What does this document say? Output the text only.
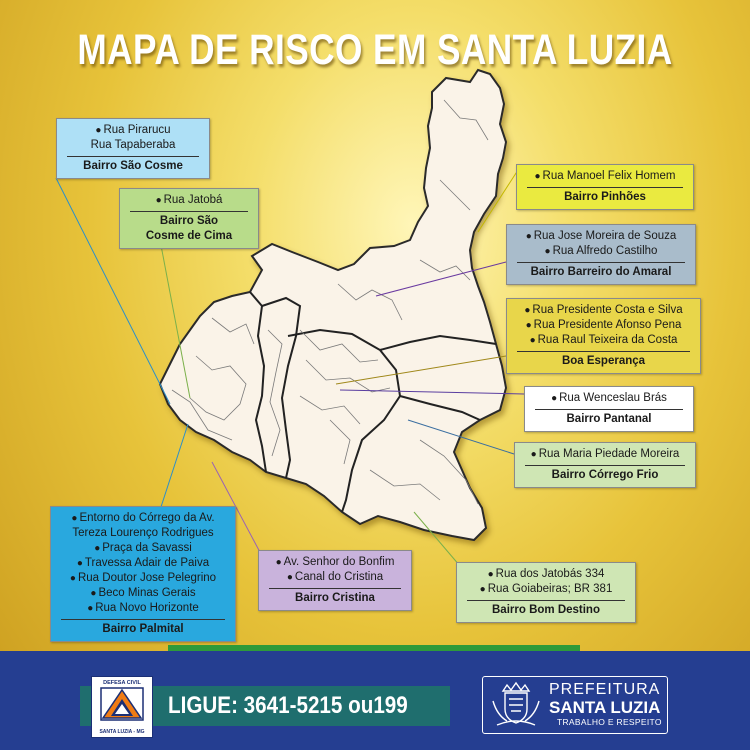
MAPA DE RISCO EM SANTA LUZIA
● Rua Pirarucu
Rua Tapaberaba
Bairro São Cosme
● Rua Jatobá
Bairro São Cosme de Cima
● Rua Manoel Felix Homem
Bairro Pinhões
● Rua Jose Moreira de Souza
● Rua Alfredo Castilho
Bairro Barreiro do Amaral
● Rua Presidente Costa e Silva
● Rua Presidente Afonso Pena
● Rua Raul Teixeira da Costa
Boa Esperança
● Rua Wenceslau Brás
Bairro Pantanal
● Rua Maria Piedade Moreira
Bairro Córrego Frio
● Entorno do Córrego da Av. Tereza Lourenço Rodrigues
● Praça da Savassi
● Travessa Adair de Paiva
● Rua Doutor Jose Pelegrino
● Beco Minas Gerais
● Rua Novo Horizonte
Bairro Palmital
● Av. Senhor do Bonfim
● Canal do Cristina
Bairro Cristina
● Rua dos Jatobás 334
● Rua Goiabeiras; BR 381
Bairro Bom Destino
DEFESA CIVIL
SANTA LUZIA - MG
LIGUE: 3641-5215 ou199
PREFEITURA
SANTA LUZIA
TRABALHO E RESPEITO
